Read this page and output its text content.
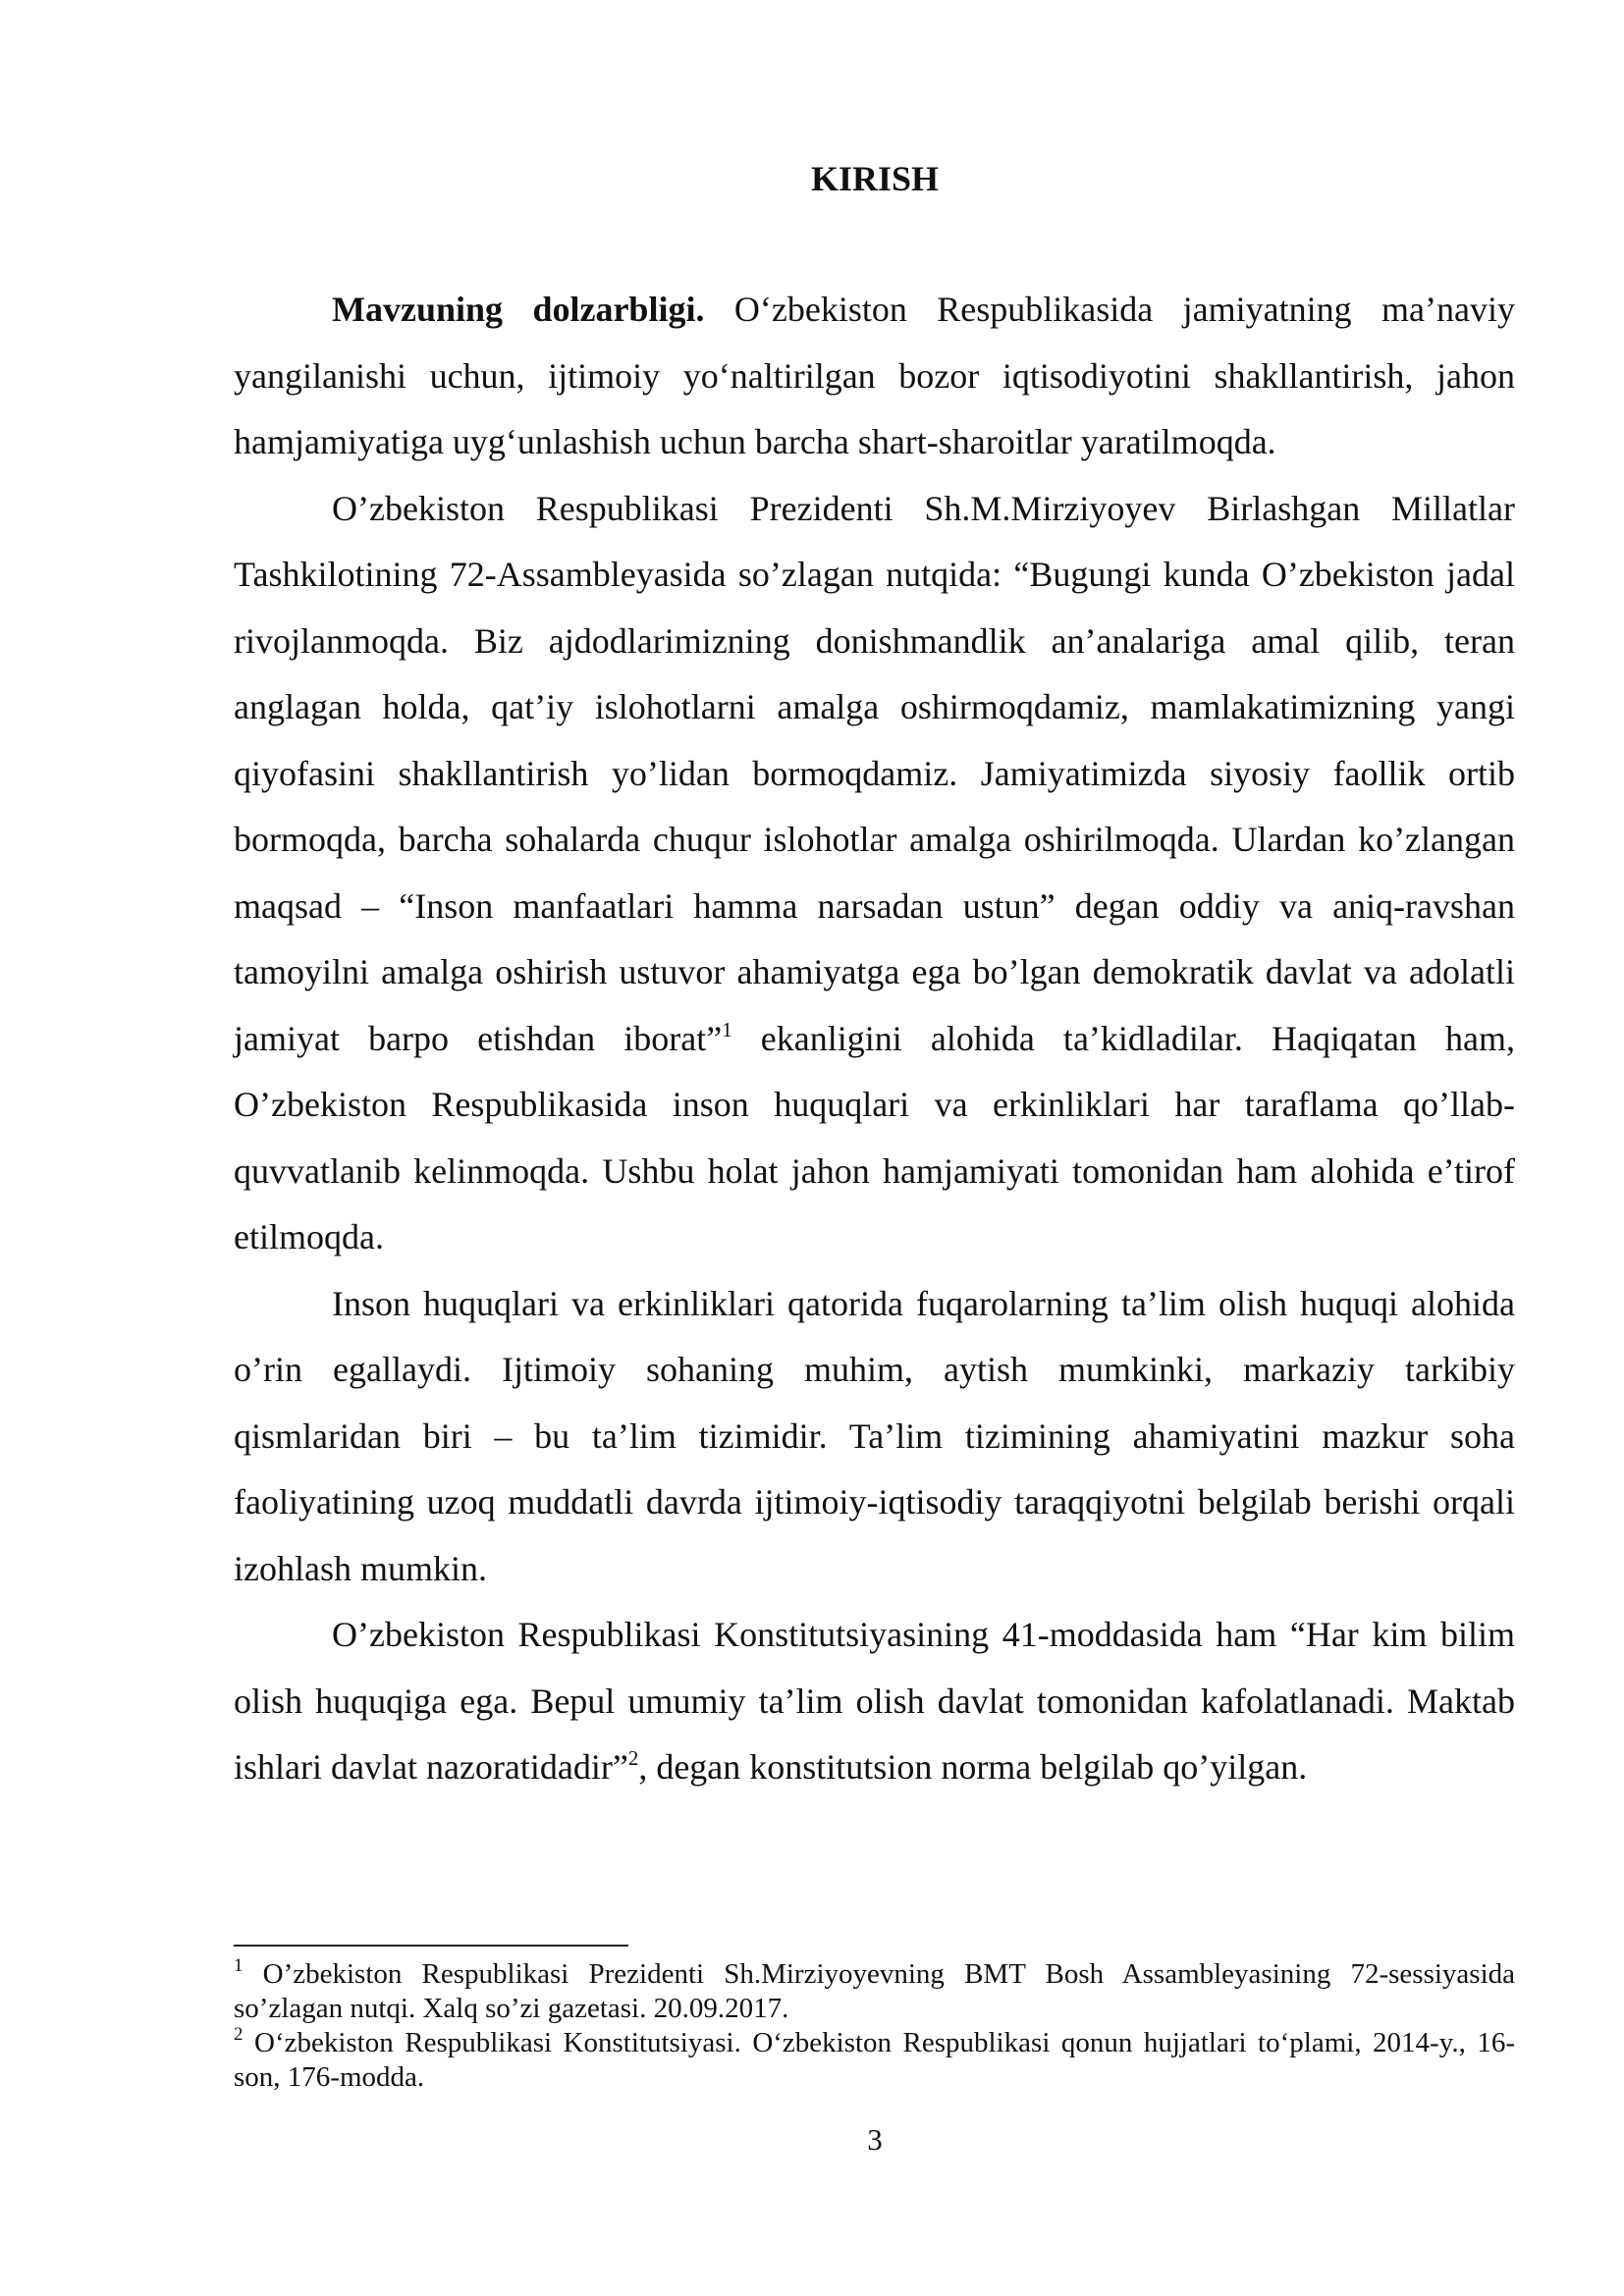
KIRISH

Mavzuning dolzarbligi. O‘zbekiston Respublikasida jamiyatning ma’naviy yangilanishi uchun, ijtimoiy yo‘naltirilgan bozor iqtisodiyotini shakllantirish, jahon hamjamiyatiga uyg‘unlashish uchun barcha shart-sharoitlar yaratilmoqda.

O’zbekiston Respublikasi Prezidenti Sh.M.Mirziyoyev Birlashgan Millatlar Tashkilotining 72-Assambleyasida so’zlagan nutqida: “Bugungi kunda O’zbekiston jadal rivojlanmoqda. Biz ajdodlarimizning donishmandlik an’analariga amal qilib, teran anglagan holda, qat’iy islohotlarni amalga oshirmoqdamiz, mamlakatimizning yangi qiyofasini shakllantirish yo’lidan bormoqdamiz. Jamiyatimizda siyosiy faollik ortib bormoqda, barcha sohalarda chuqur islohotlar amalga oshirilmoqda. Ulardan ko’zlangan maqsad – “Inson manfaatlari hamma narsadan ustun” degan oddiy va aniq-ravshan tamoyilni amalga oshirish ustuvor ahamiyatga ega bo’lgan demokratik davlat va adolatli jamiyat barpo etishdan iborat”$^1$ ekanligini alohida ta’kidladilar. Haqiqatan ham, O’zbekiston Respublikasida inson huquqlari va erkinliklari har taraflama qo’llab-quvvatlanib kelinmoqda. Ushbu holat jahon hamjamiyati tomonidan ham alohida e’tirof etilmoqda.

Inson huquqlari va erkinliklari qatorida fuqarolarning ta’lim olish huquqi alohida o’rin egallaydi. Ijtimoiy sohaning muhim, aytish mumkinki, markaziy tarkibiy qismlaridan biri – bu ta’lim tizimidir. Ta’lim tizimining ahamiyatini mazkur soha faoliyatining uzoq muddatli davrda ijtimoiy-iqtisodiy taraqqiyotni belgilab berishi orqali izohlash mumkin.

O’zbekiston Respublikasi Konstitutsiyasining 41-moddasida ham “Har kim bilim olish huquqiga ega. Bepul umumiy ta’lim olish davlat tomonidan kafolatlanadi. Maktab ishlari davlat nazoratidadir”$^2$, degan konstitutsion norma belgilab qo’yilgan.

$^1$ O’zbekiston Respublikasi Prezidenti Sh.Mirziyoyevning BMT Bosh Assambleyasining 72-sessiyasida so’zlagan nutqi. Xalq so’zi gazetasi. 20.09.2017.

$^2$ O‘zbekiston Respublikasi Konstitutsiyasi. O‘zbekiston Respublikasi qonun hujjatlari to‘plami, 2014-y., 16-son, 176-modda.

3
